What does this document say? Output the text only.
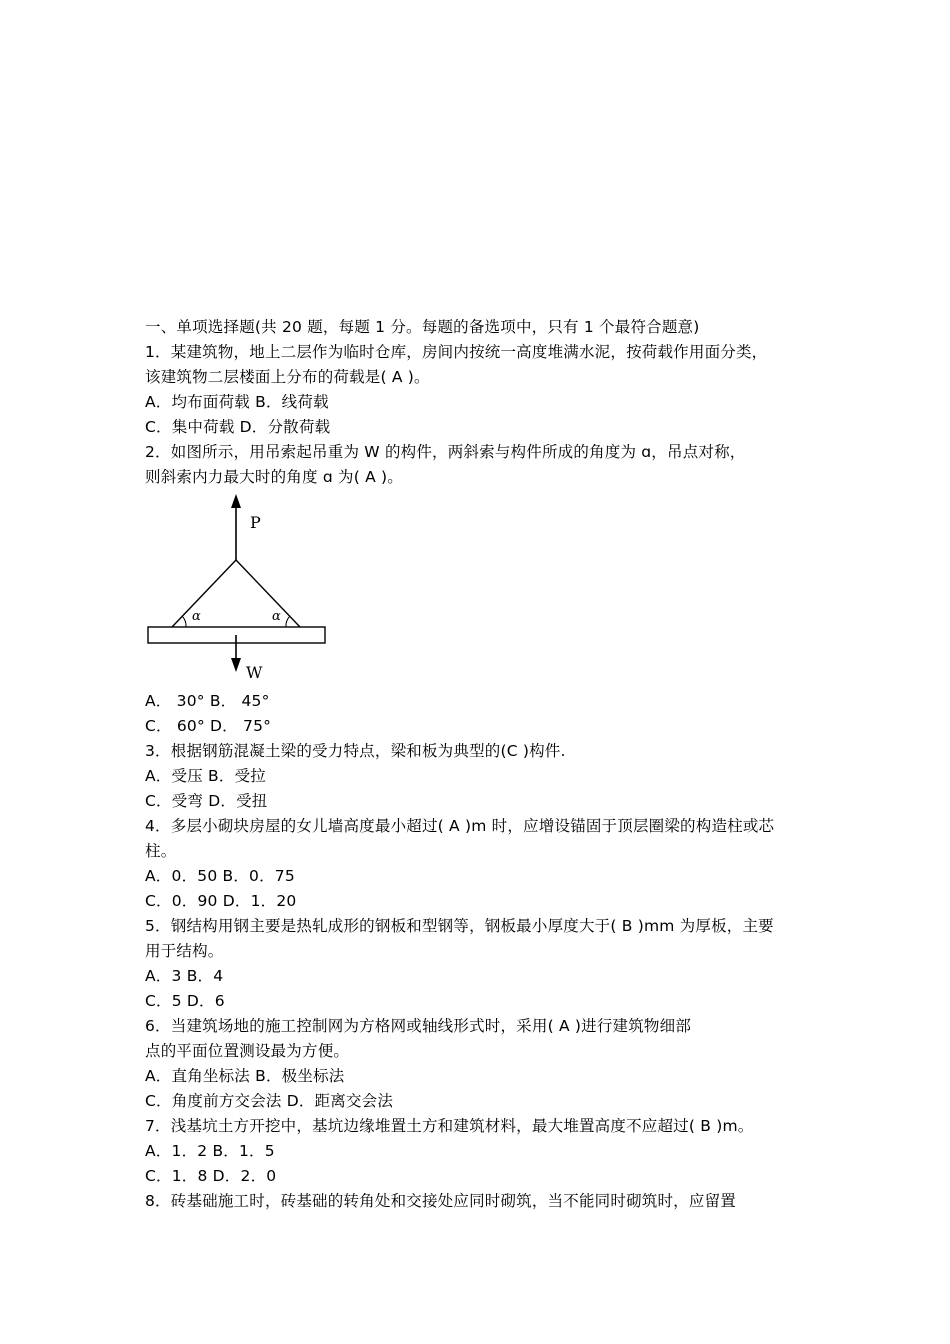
一、单项选择题(共 20 题，每题 1 分。每题的备选项中，只有 1 个最符合题意)
1．某建筑物，地上二层作为临时仓库，房间内按统一高度堆满水泥，按荷载作用面分类，
该建筑物二层楼面上分布的荷载是( A )。
A．均布面荷载 B．线荷载
C．集中荷载 D．分散荷载
2．如图所示，用吊索起吊重为 W 的构件，两斜索与构件所成的角度为 ɑ，吊点对称，
则斜索内力最大时的角度 ɑ 为( A )。
P
α	α
W
A． 30° B． 45°
C． 60° D． 75°
3．根据钢筋混凝土梁的受力特点，梁和板为典型的(C )构件.
A．受压 B．受拉
C．受弯 D．受扭
4．多层小砌块房屋的女儿墙高度最小超过( A )m 时，应增设锚固于顶层圈梁的构造柱或芯
柱。
A．0．50 B．0．75
C．0．90 D．1．20
5．钢结构用钢主要是热轧成形的钢板和型钢等，钢板最小厚度大于( B )mm 为厚板，主要
用于结构。
A．3 B．4
C．5 D．6
6．当建筑场地的施工控制网为方格网或轴线形式时，采用( A )进行建筑物细部
点的平面位置测设最为方便。
A．直角坐标法 B．极坐标法
C．角度前方交会法 D．距离交会法
7．浅基坑土方开挖中，基坑边缘堆置土方和建筑材料，最大堆置高度不应超过( B )m。
A．1．2 B．1．5
C．1．8 D．2．0
8．砖基础施工时，砖基础的转角处和交接处应同时砌筑，当不能同时砌筑时，应留置
